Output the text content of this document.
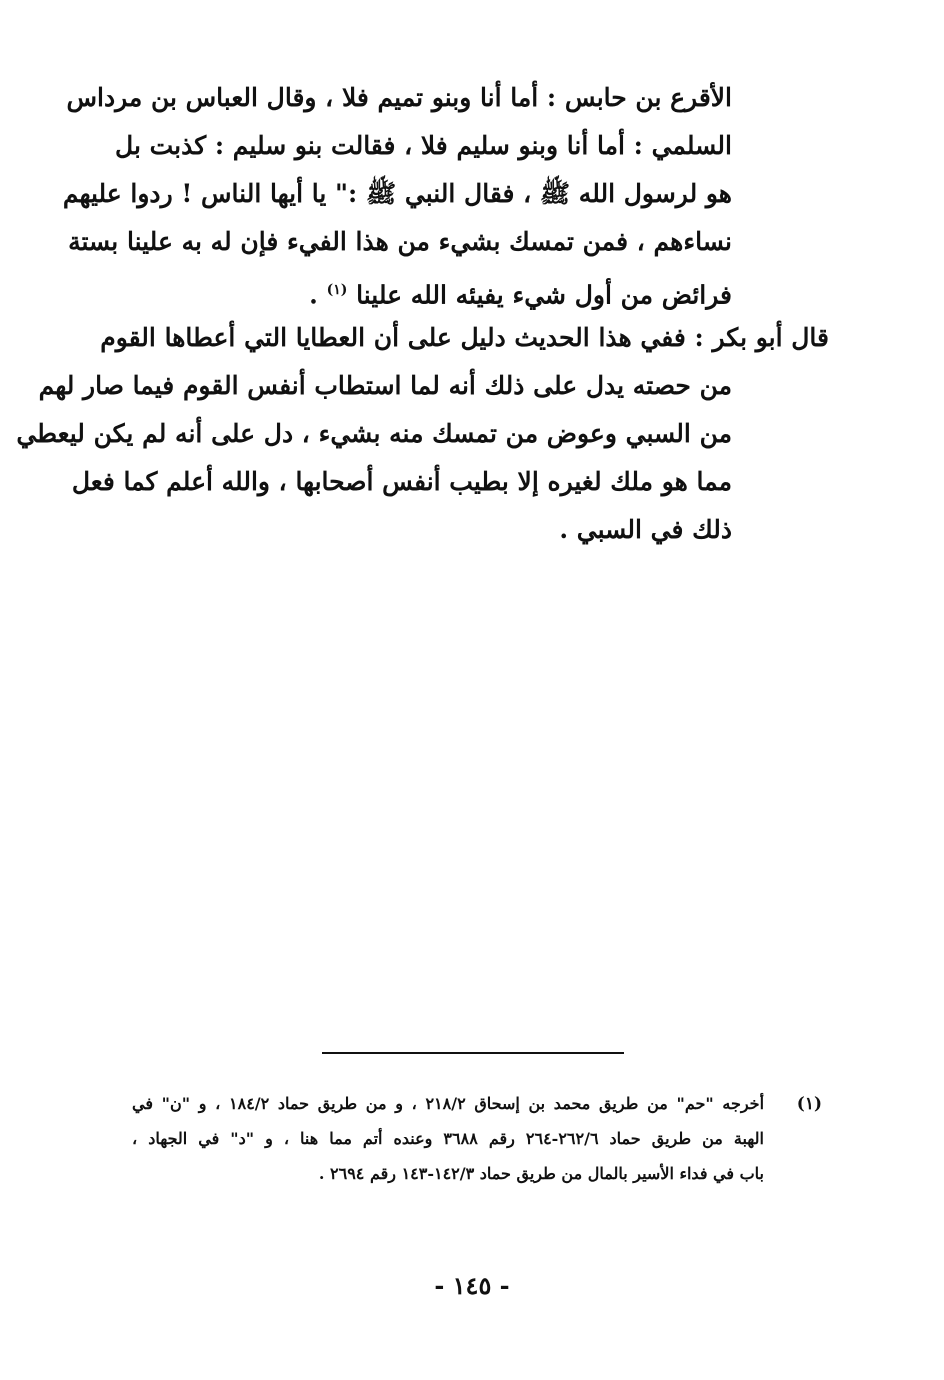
الأقرع بن حابس : أما أنا وبنو تميم فلا ، وقال العباس بن مرداس
السلمي : أما أنا وبنو سليم فلا ، فقالت بنو سليم : كذبت بل
هو لرسول الله ﷺ ، فقال النبي ﷺ :" يا أيها الناس ! ردوا عليهم
نساءهم ، فمن تمسك بشيء من هذا الفيء فإن له به علينا بستة
فرائض من أول شيء يفيئه الله علينا $^{(١)}$ .
قال أبو بكر : ففي هذا الحديث دليل على أن العطايا التي أعطاها القوم
من حصته يدل على ذلك أنه لما استطاب أنفس القوم فيما صار لهم
من السبي وعوض من تمسك منه بشيء ، دل على أنه لم يكن ليعطي
مما هو ملك لغيره إلا بطيب أنفس أصحابها ، والله أعلم كما فعل
ذلك في السبي .
(١)
أخرجه "حم" من طريق محمد بن إسحاق ٢١٨/٢ ، و من طريق حماد ١٨٤/٢ ، و "ن" في
الهبة من طريق حماد ٢٦٢/٦-٢٦٤ رقم ٣٦٨٨ وعنده أتم مما هنا ، و "د" في الجهاد ،
باب في فداء الأسير بالمال من طريق حماد ١٤٢/٣-١٤٣ رقم ٢٦٩٤ .
- ١٤٥ -
